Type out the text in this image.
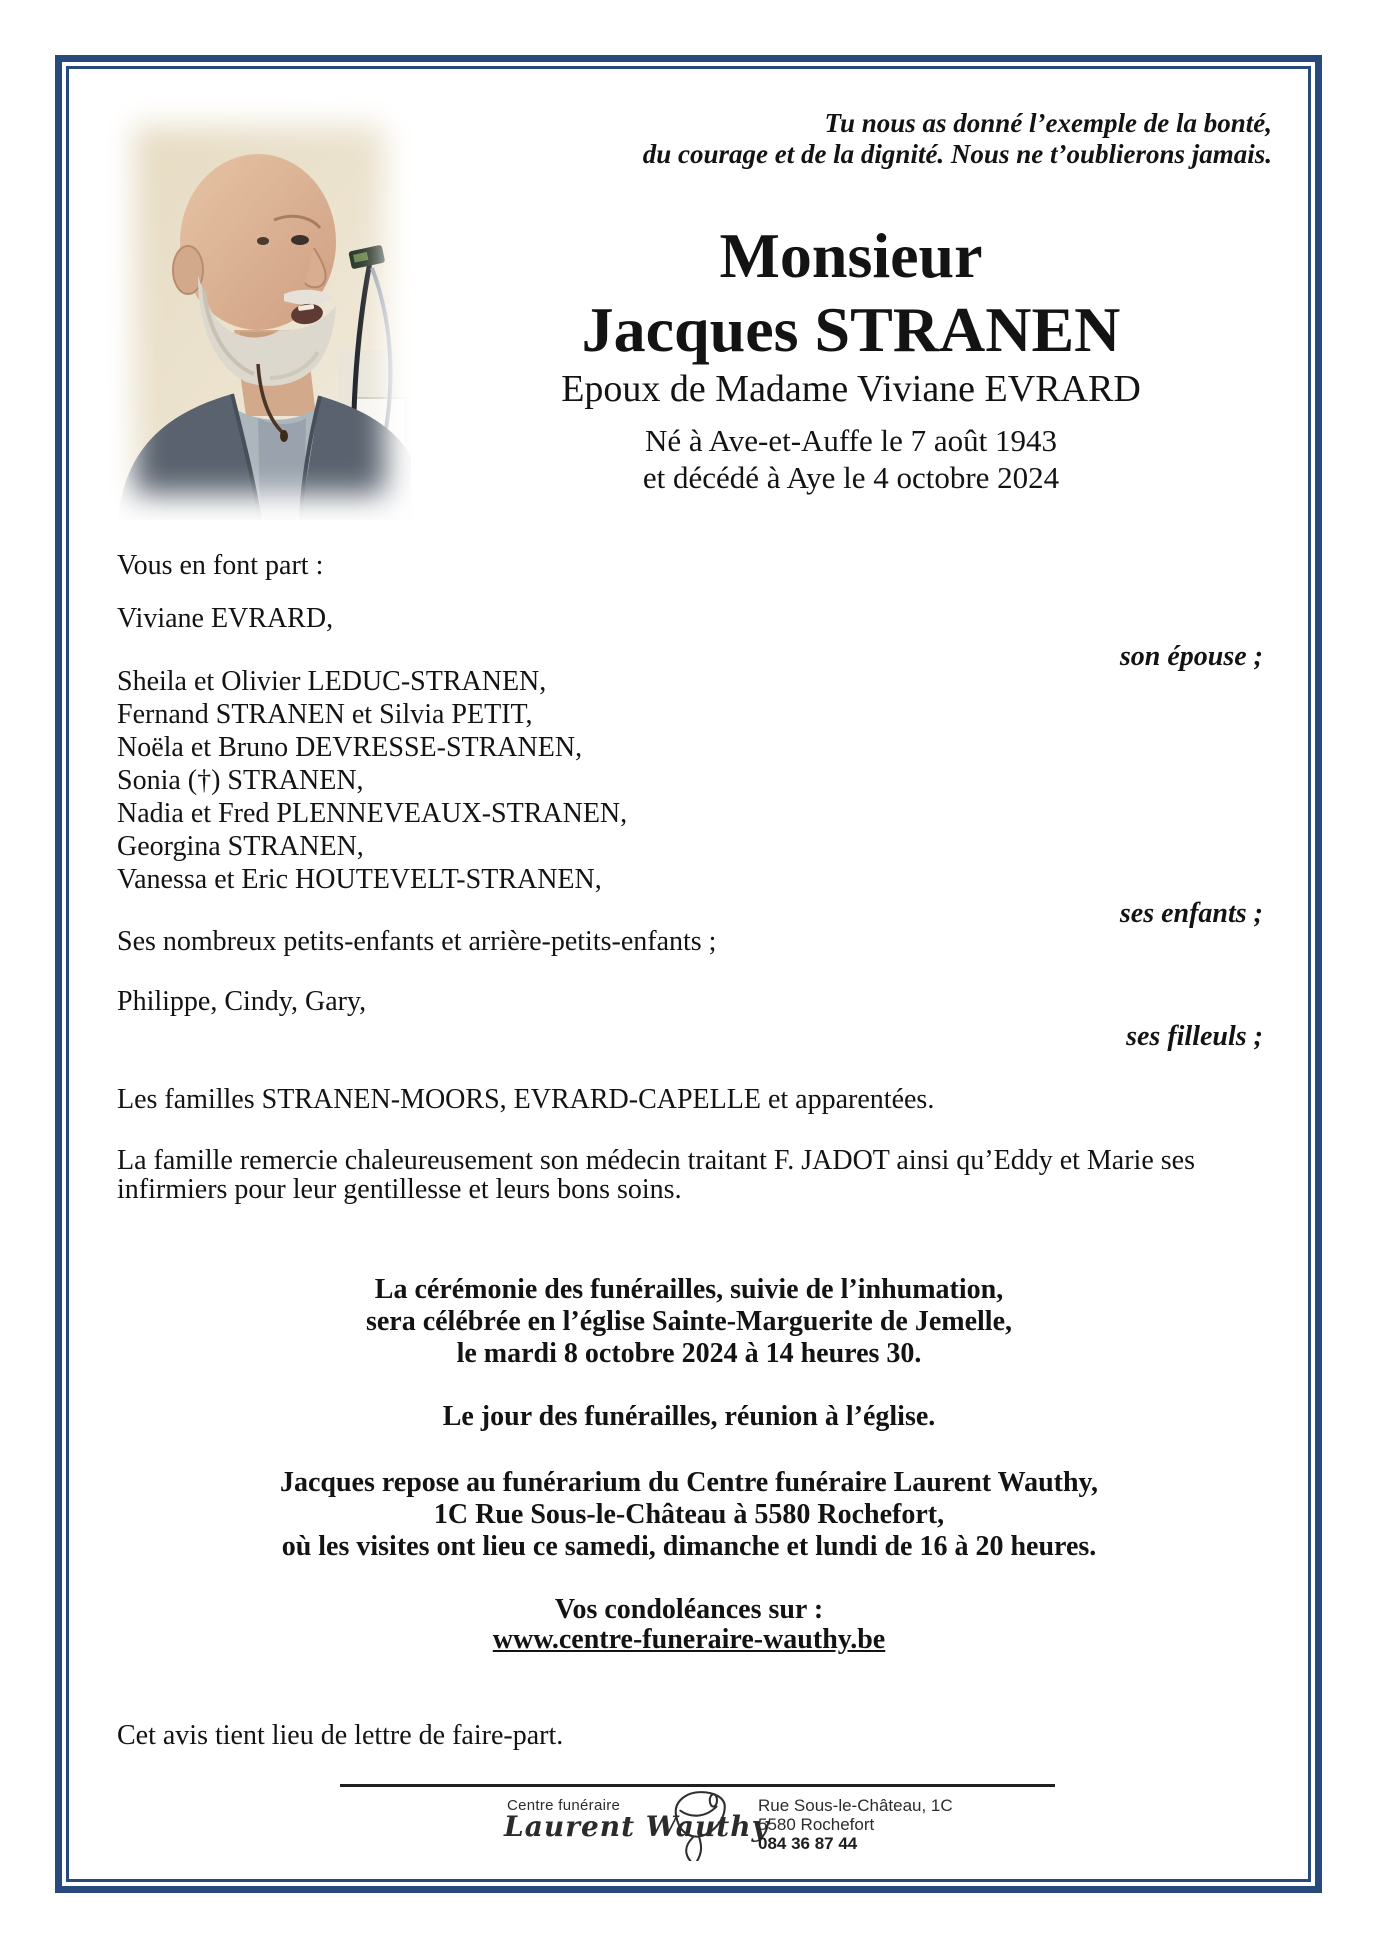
Tu nous as donné l’exemple de la bonté,
du courage et de la dignité. Nous ne t’oublierons jamais.
Monsieur
Jacques STRANEN
Epoux de Madame Viviane EVRARD
Né à Ave-et-Auffe le 7 août 1943
et décédé à Aye le 4 octobre 2024
Vous en font part :
Viviane EVRARD,
son épouse ;
Sheila et Olivier LEDUC-STRANEN,
Fernand STRANEN et Silvia PETIT,
Noëla et Bruno DEVRESSE-STRANEN,
Sonia (†) STRANEN,
Nadia et Fred PLENNEVEAUX-STRANEN,
Georgina STRANEN,
Vanessa et Eric HOUTEVELT-STRANEN,
ses enfants ;
Ses nombreux petits-enfants et arrière-petits-enfants ;
Philippe, Cindy, Gary,
ses filleuls ;
Les familles STRANEN-MOORS, EVRARD-CAPELLE et apparentées.
La famille remercie chaleureusement son médecin traitant F. JADOT ainsi qu’Eddy et Marie ses
infirmiers pour leur gentillesse et leurs bons soins.
La cérémonie des funérailles, suivie de l’inhumation,
sera célébrée en l’église Sainte-Marguerite de Jemelle,
le mardi 8 octobre 2024 à 14 heures 30.
Le jour des funérailles, réunion à l’église.
Jacques repose au funérarium du Centre funéraire Laurent Wauthy,
1C Rue Sous-le-Château à 5580 Rochefort,
où les visites ont lieu ce samedi, dimanche et lundi de 16 à 20 heures.
Vos condoléances sur :
www.centre-funeraire-wauthy.be
Cet avis tient lieu de lettre de faire-part.
Centre funéraire
Laurent Wauthy
Rue Sous-le-Château, 1C
5580 Rochefort
084 36 87 44
